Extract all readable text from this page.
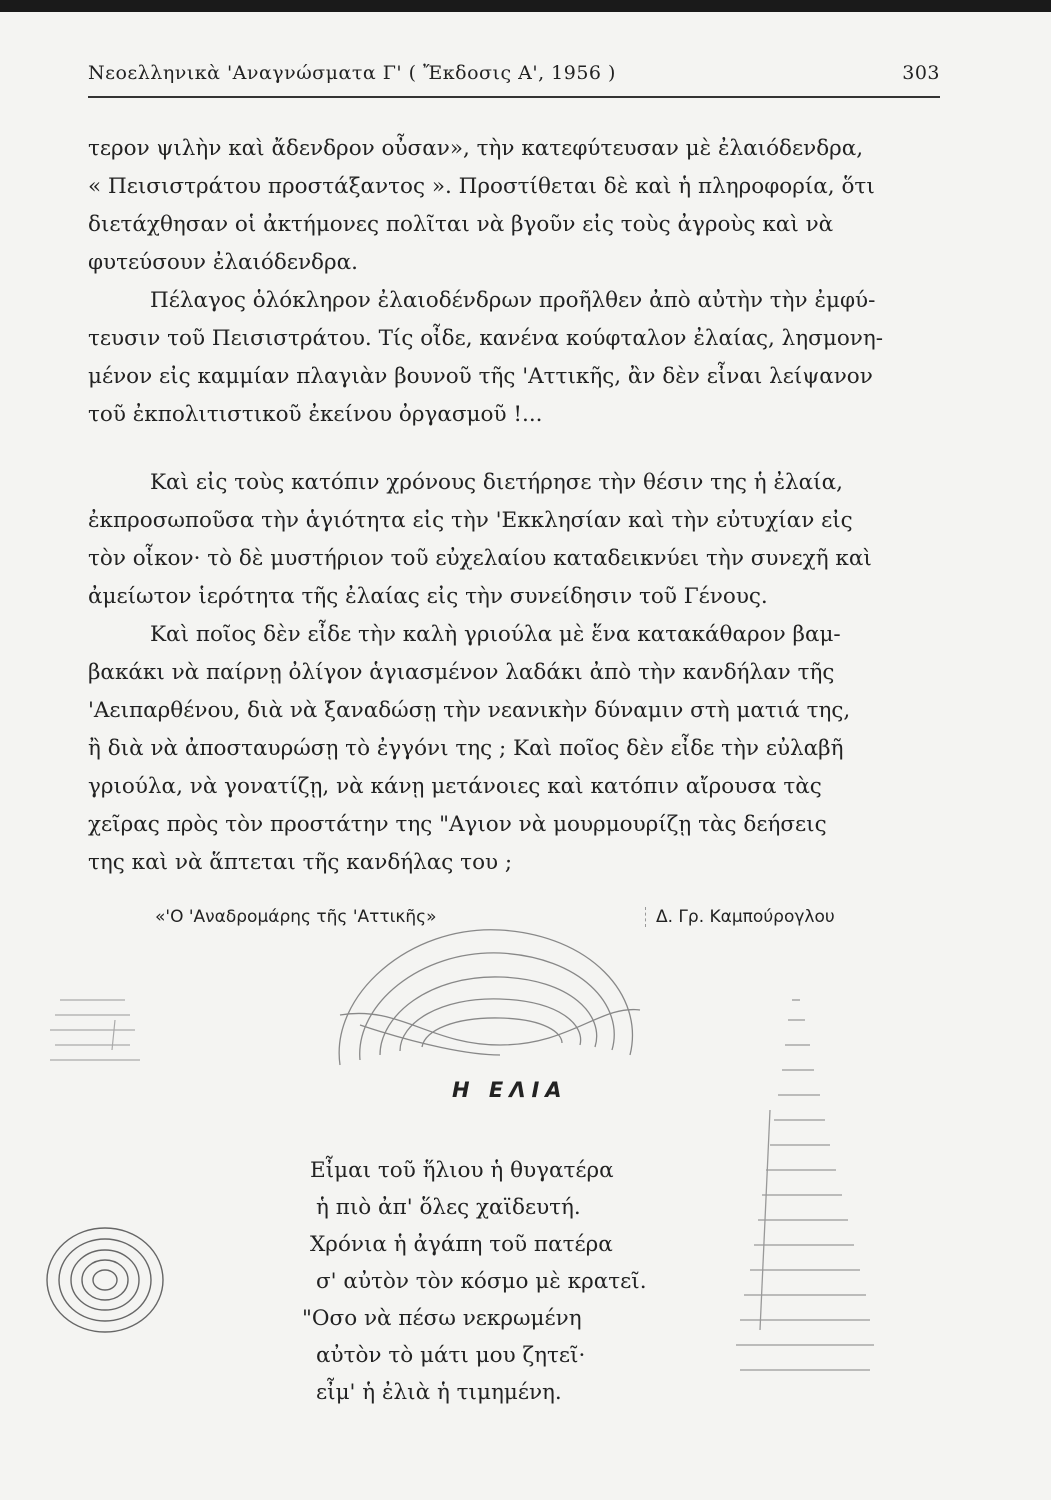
Νεοελληνικὰ 'Αναγνώσματα Γ' ( Ἔκδοσις Α', 1956 )	303
τερον ψιλὴν καὶ ἄδενδρον οὖσαν», τὴν κατεφύτευσαν μὲ ἐλαιόδενδρα,
« Πεισιστράτου προστάξαντος ». Προστίθεται δὲ καὶ ἡ πληροφορία, ὅτι
διετάχθησαν οἱ ἀκτήμονες πολῖται νὰ βγοῦν εἰς τοὺς ἀγροὺς καὶ νὰ
φυτεύσουν ἐλαιόδενδρα.
Πέλαγος ὁλόκληρον ἐλαιοδένδρων προῆλθεν ἀπὸ αὐτὴν τὴν ἐμφύ-
τευσιν τοῦ Πεισιστράτου. Τίς οἶδε, κανένα κούφταλον ἐλαίας, λησμονη-
μένον εἰς καμμίαν πλαγιὰν βουνοῦ τῆς 'Αττικῆς, ἂν δὲν εἶναι λείψανον
τοῦ ἐκπολιτιστικοῦ ἐκείνου ὀργασμοῦ !...
Καὶ εἰς τοὺς κατόπιν χρόνους διετήρησε τὴν θέσιν της ἡ ἐλαία,
ἐκπροσωποῦσα τὴν ἁγιότητα εἰς τὴν 'Εκκλησίαν καὶ τὴν εὐτυχίαν εἰς
τὸν οἶκον· τὸ δὲ μυστήριον τοῦ εὐχελαίου καταδεικνύει τὴν συνεχῆ καὶ
ἀμείωτον ἱερότητα τῆς ἐλαίας εἰς τὴν συνείδησιν τοῦ Γένους.
Καὶ ποῖος δὲν εἶδε τὴν καλὴ γριούλα μὲ ἕνα κατακάθαρον βαμ-
βακάκι νὰ παίρνῃ ὀλίγον ἁγιασμένον λαδάκι ἀπὸ τὴν κανδήλαν τῆς
'Αειπαρθένου, διὰ νὰ ξαναδώσῃ τὴν νεανικὴν δύναμιν στὴ ματιά της,
ἢ διὰ νὰ ἀποσταυρώσῃ τὸ ἐγγόνι της ; Καὶ ποῖος δὲν εἶδε τὴν εὐλαβῆ
γριούλα, νὰ γονατίζῃ, νὰ κάνῃ μετάνοιες καὶ κατόπιν αἴρουσα τὰς
χεῖρας πρὸς τὸν προστάτην της "Αγιον νὰ μουρμουρίζῃ τὰς δεήσεις
της καὶ νὰ ἅπτεται τῆς κανδήλας του ;
«'Ο 'Αναδρομάρης τῆς 'Αττικῆς»	Δ. Γρ. Καμπούρογλου
Η ΕΛΙΑ
Εἶμαι τοῦ ἥλιου ἡ θυγατέρα
ἡ πιὸ ἀπ' ὅλες χαϊδευτή.
Χρόνια ἡ ἀγάπη τοῦ πατέρα
σ' αὐτὸν τὸν κόσμο μὲ κρατεῖ.
"Οσο νὰ πέσω νεκρωμένη
αὐτὸν τὸ μάτι μου ζητεῖ·
εἶμ' ἡ ἐλιὰ ἡ τιμημένη.
